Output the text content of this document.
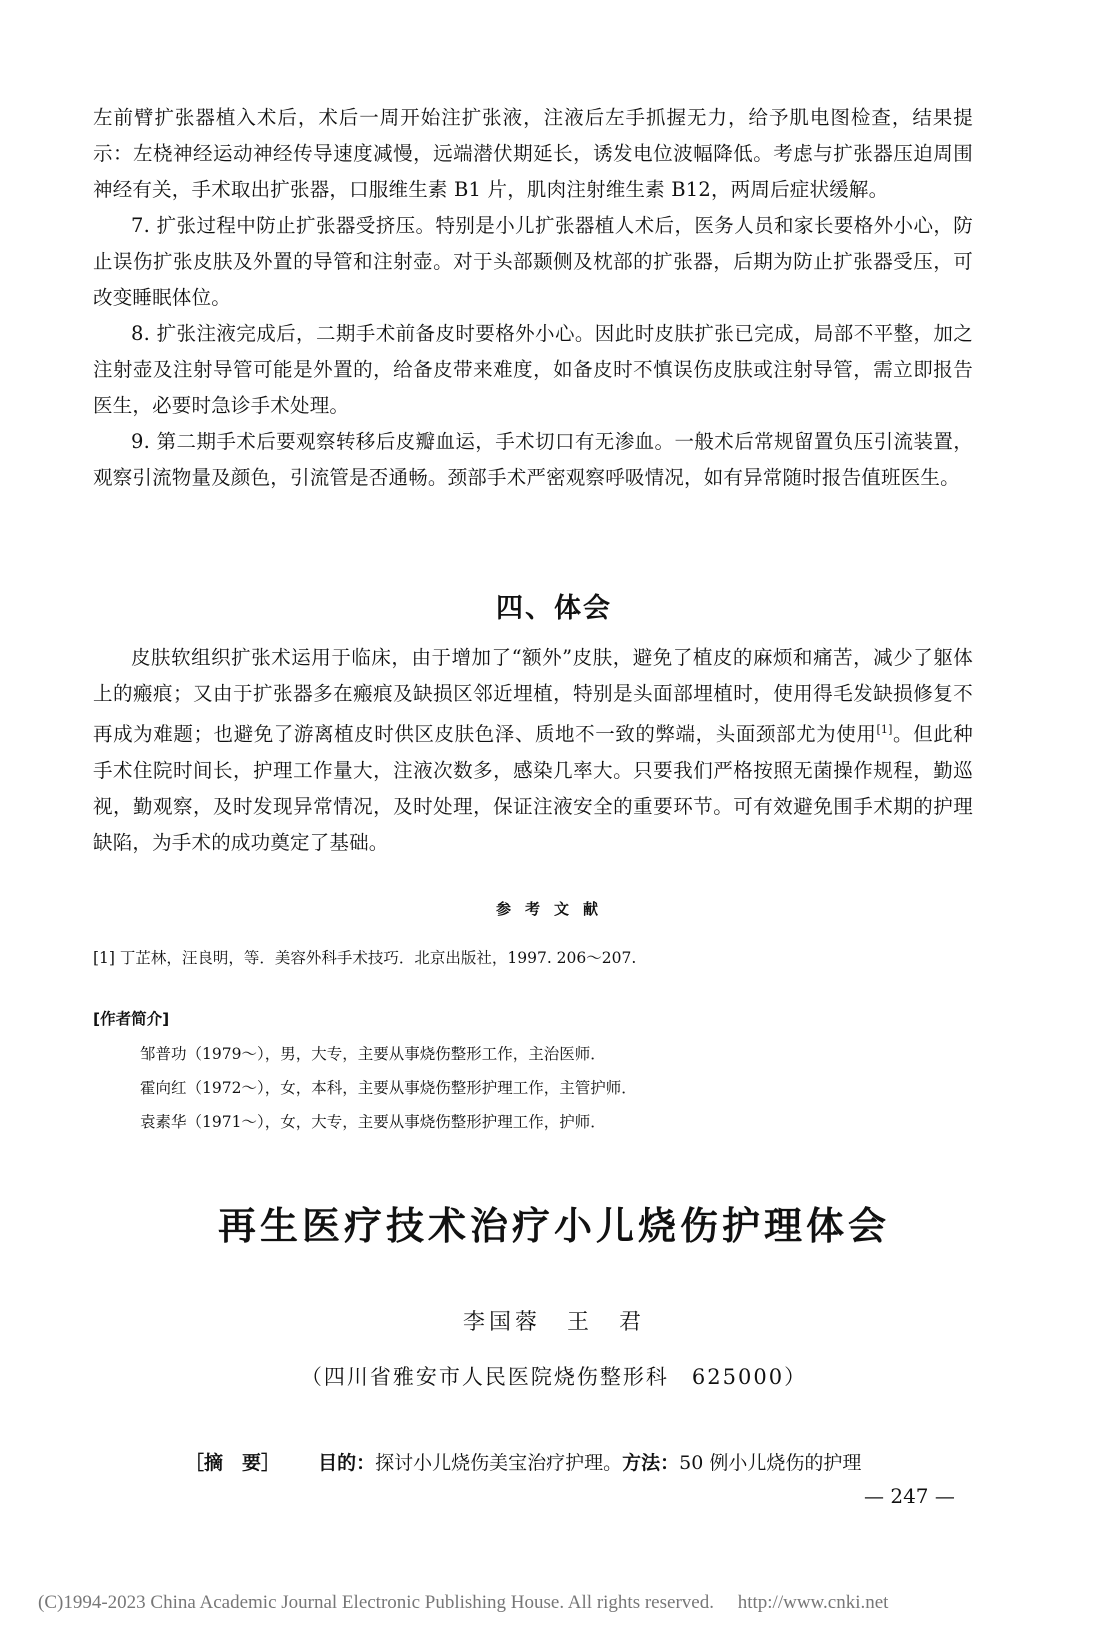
左前臂扩张器植入术后，术后一周开始注扩张液，注液后左手抓握无力，给予肌电图检查，结果提示：左桡神经运动神经传导速度减慢，远端潜伏期延长，诱发电位波幅降低。考虑与扩张器压迫周围神经有关，手术取出扩张器，口服维生素 B1 片，肌肉注射维生素 B12，两周后症状缓解。

7. 扩张过程中防止扩张器受挤压。特别是小儿扩张器植人术后，医务人员和家长要格外小心，防止误伤扩张皮肤及外置的导管和注射壶。对于头部颞侧及枕部的扩张器，后期为防止扩张器受压，可改变睡眠体位。

8. 扩张注液完成后，二期手术前备皮时要格外小心。因此时皮肤扩张已完成，局部不平整，加之注射壶及注射导管可能是外置的，给备皮带来难度，如备皮时不慎误伤皮肤或注射导管，需立即报告医生，必要时急诊手术处理。

9. 第二期手术后要观察转移后皮瓣血运，手术切口有无渗血。一般术后常规留置负压引流装置，观察引流物量及颜色，引流管是否通畅。颈部手术严密观察呼吸情况，如有异常随时报告值班医生。

四、体会

皮肤软组织扩张术运用于临床，由于增加了“额外”皮肤，避免了植皮的麻烦和痛苦，减少了躯体上的瘢痕；又由于扩张器多在瘢痕及缺损区邻近埋植，特别是头面部埋植时，使用得毛发缺损修复不再成为难题；也避免了游离植皮时供区皮肤色泽、质地不一致的弊端，头面颈部尤为使用[1]。但此种手术住院时间长，护理工作量大，注液次数多，感染几率大。只要我们严格按照无菌操作规程，勤巡视，勤观察，及时发现异常情况，及时处理，保证注液安全的重要环节。可有效避免围手术期的护理缺陷，为手术的成功奠定了基础。

参考文献
[1] 丁芷林，汪良明，等．美容外科手术技巧．北京出版社，1997. 206～207.
[作者简介]
邹普功（1979～），男，大专，主要从事烧伤整形工作，主治医师．
霍向红（1972～），女，本科，主要从事烧伤整形护理工作，主管护师．
袁素华（1971～），女，大专，主要从事烧伤整形护理工作，护师．
再生医疗技术治疗小儿烧伤护理体会
李国蓉　王　君
（四川省雅安市人民医院烧伤整形科　625000）
［摘　要］ 目的：探讨小儿烧伤美宝治疗护理。方法：50 例小儿烧伤的护理
— 247 —
(C)1994-2023 China Academic Journal Electronic Publishing House. All rights reserved.　 http://www.cnki.net
